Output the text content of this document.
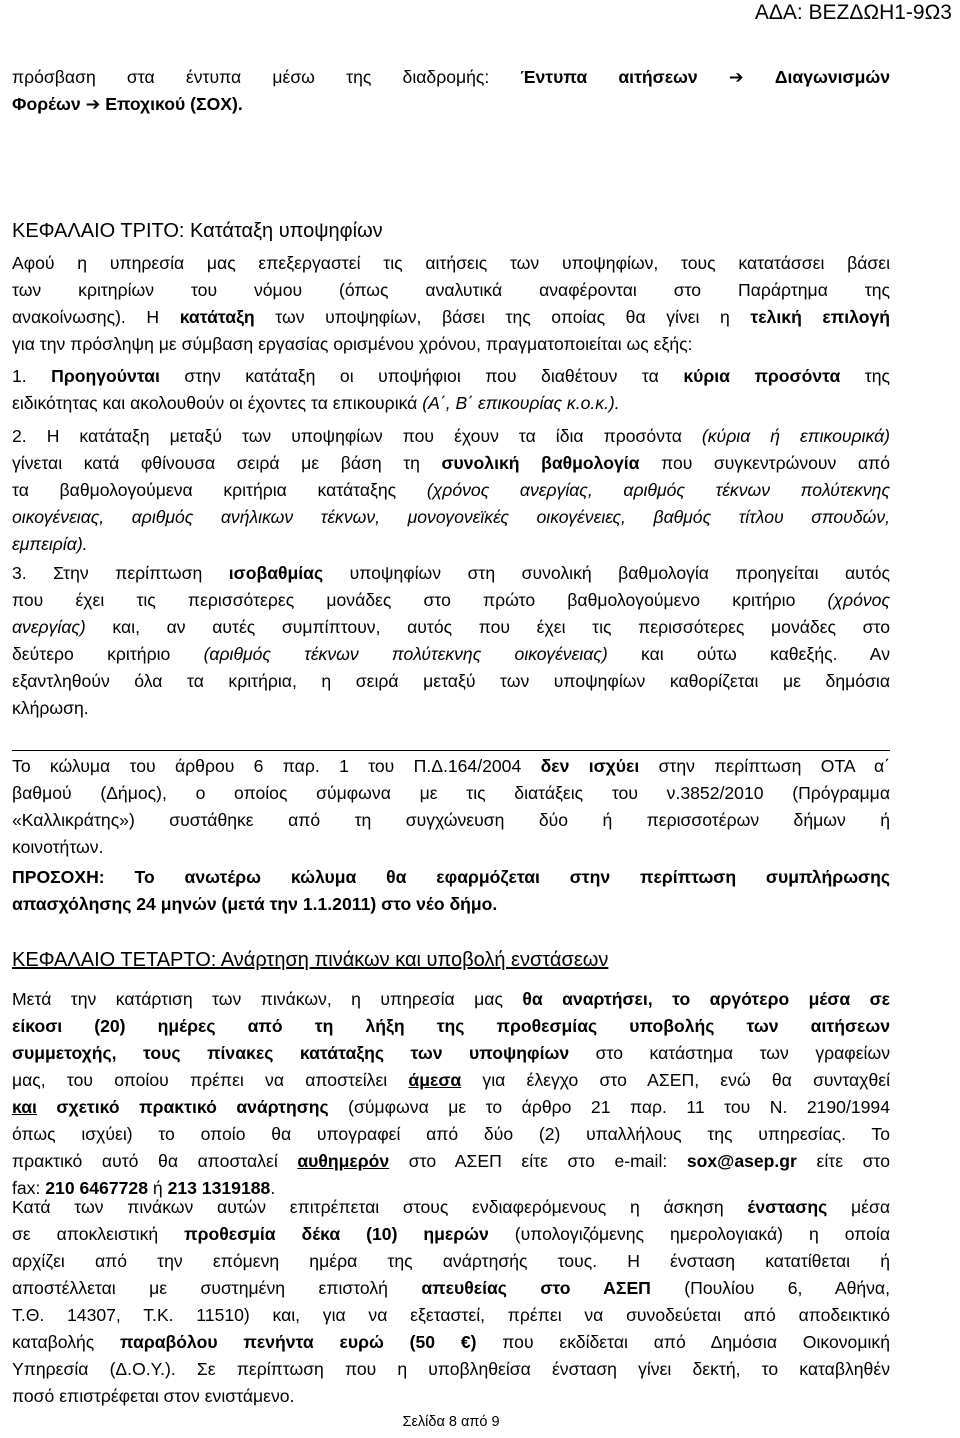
ΑΔΑ: ΒΕΖΔΩΗ1-9Ω3
πρόσβαση στα έντυπα μέσω της διαδρομής: Έντυπα αιτήσεων ➔ Διαγωνισμών
Φορέων ➔ Εποχικού (ΣΟΧ).
ΚΕΦΑΛΑΙΟ ΤΡΙΤΟ: Κατάταξη υποψηφίων
Αφού η υπηρεσία μας επεξεργαστεί τις αιτήσεις των υποψηφίων, τους κατατάσσει βάσει
των κριτηρίων του νόμου (όπως αναλυτικά αναφέρονται στο Παράρτημα της
ανακοίνωσης). Η κατάταξη των υποψηφίων, βάσει της οποίας θα γίνει η τελική επιλογή
για την πρόσληψη με σύμβαση εργασίας ορισμένου χρόνου, πραγματοποιείται ως εξής:
1. Προηγούνται στην κατάταξη οι υποψήφιοι που διαθέτουν τα κύρια προσόντα της
ειδικότητας και ακολουθούν οι έχοντες τα επικουρικά (Α΄, Β΄ επικουρίας κ.ο.κ.).
2. Η κατάταξη μεταξύ των υποψηφίων που έχουν τα ίδια προσόντα (κύρια ή επικουρικά)
γίνεται κατά φθίνουσα σειρά με βάση τη συνολική βαθμολογία που συγκεντρώνουν από
τα βαθμολογούμενα κριτήρια κατάταξης (χρόνος ανεργίας, αριθμός τέκνων πολύτεκνης
οικογένειας, αριθμός ανήλικων τέκνων, μονογονεϊκές οικογένειες, βαθμός τίτλου σπουδών,
εμπειρία).
3. Στην περίπτωση ισοβαθμίας υποψηφίων στη συνολική βαθμολογία προηγείται αυτός
που έχει τις περισσότερες μονάδες στο πρώτο βαθμολογούμενο κριτήριο (χρόνος
ανεργίας) και, αν αυτές συμπίπτουν, αυτός που έχει τις περισσότερες μονάδες στο
δεύτερο κριτήριο (αριθμός τέκνων πολύτεκνης οικογένειας) και ούτω καθεξής. Αν
εξαντληθούν όλα τα κριτήρια, η σειρά μεταξύ των υποψηφίων καθορίζεται με δημόσια
κλήρωση.
Το κώλυμα του άρθρου 6 παρ. 1 του Π.Δ.164/2004 δεν ισχύει στην περίπτωση ΟΤΑ α΄
βαθμού (Δήμος), ο οποίος σύμφωνα με τις διατάξεις του ν.3852/2010 (Πρόγραμμα
«Καλλικράτης») συστάθηκε από τη συγχώνευση δύο ή περισσοτέρων δήμων ή
κοινοτήτων.
ΠΡΟΣΟΧΗ: Το ανωτέρω κώλυμα θα εφαρμόζεται στην περίπτωση συμπλήρωσης
απασχόλησης 24 μηνών (μετά την 1.1.2011) στο νέο δήμο.
ΚΕΦΑΛΑΙΟ ΤΕΤΑΡΤΟ: Ανάρτηση πινάκων και υποβολή ενστάσεων
Μετά την κατάρτιση των πινάκων, η υπηρεσία μας θα αναρτήσει, το αργότερο μέσα σε
είκοσι (20) ημέρες από τη λήξη της προθεσμίας υποβολής των αιτήσεων
συμμετοχής, τους πίνακες κατάταξης των υποψηφίων στο κατάστημα των γραφείων
μας, του οποίου πρέπει να αποστείλει άμεσα για έλεγχο στο ΑΣΕΠ, ενώ θα συνταχθεί
και σχετικό πρακτικό ανάρτησης (σύμφωνα με το άρθρο 21 παρ. 11 του Ν. 2190/1994
όπως ισχύει) το οποίο θα υπογραφεί από δύο (2) υπαλλήλους της υπηρεσίας. Το
πρακτικό αυτό θα αποσταλεί αυθημερόν στο ΑΣΕΠ είτε στο e-mail: sox@asep.gr είτε στο
fax: 210 6467728 ή 213 1319188.
Κατά των πινάκων αυτών επιτρέπεται στους ενδιαφερόμενους η άσκηση ένστασης μέσα
σε αποκλειστική προθεσμία δέκα (10) ημερών (υπολογιζόμενης ημερολογιακά) η οποία
αρχίζει από την επόμενη ημέρα της ανάρτησής τους. Η ένσταση κατατίθεται ή
αποστέλλεται με συστημένη επιστολή απευθείας στο ΑΣΕΠ (Πουλίου 6, Αθήνα,
Τ.Θ. 14307, Τ.Κ. 11510) και, για να εξεταστεί, πρέπει να συνοδεύεται από αποδεικτικό
καταβολής παραβόλου πενήντα ευρώ (50 €) που εκδίδεται από Δημόσια Οικονομική
Υπηρεσία (Δ.Ο.Υ.). Σε περίπτωση που η υποβληθείσα ένσταση γίνει δεκτή, το καταβληθέν
ποσό επιστρέφεται στον ενιστάμενο.
Σελίδα 8 από 9
